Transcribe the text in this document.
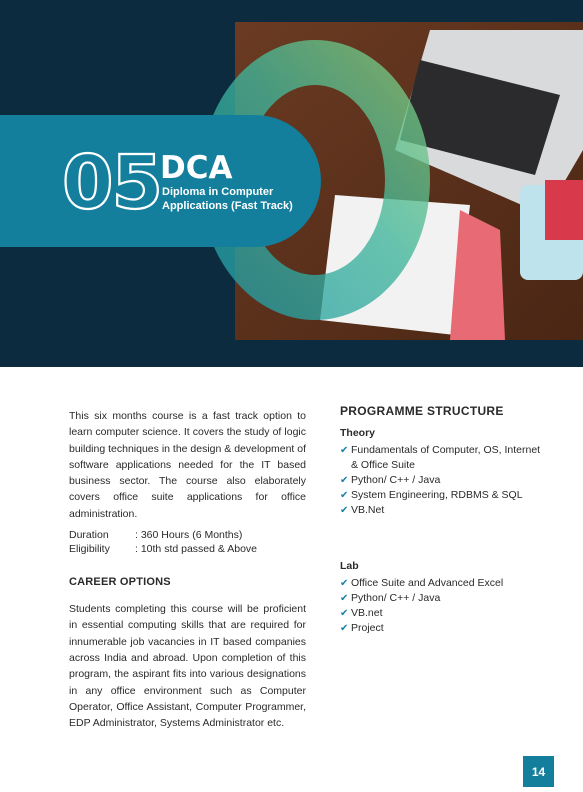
05 DCA
Diploma in Computer Applications (Fast Track)

This six months course is a fast track option to learn computer science. It covers the study of logic building techniques in the design & development of software applications needed for the IT based business sector. The course also elaborately covers office suite applications for office administration.

Duration	: 360 Hours (6 Months)
Eligibility	: 10th std passed & Above
CAREER OPTIONS

Students completing this course will be proficient in essential computing skills that are required for innumerable job vacancies in IT based companies across India and abroad. Upon completion of this program, the aspirant fits into various designations in any office environment such as Computer Operator, Office Assistant, Computer Programmer, EDP Administrator, Systems Administrator etc.

PROGRAMME STRUCTURE
Theory
✔ Fundamentals of Computer, OS, Internet & Office Suite
✔ Python/ C++ / Java
✔ System Engineering, RDBMS & SQL
✔ VB.Net
Lab
✔ Office Suite and Advanced Excel
✔ Python/ C++ / Java
✔ VB.net
✔ Project
14
